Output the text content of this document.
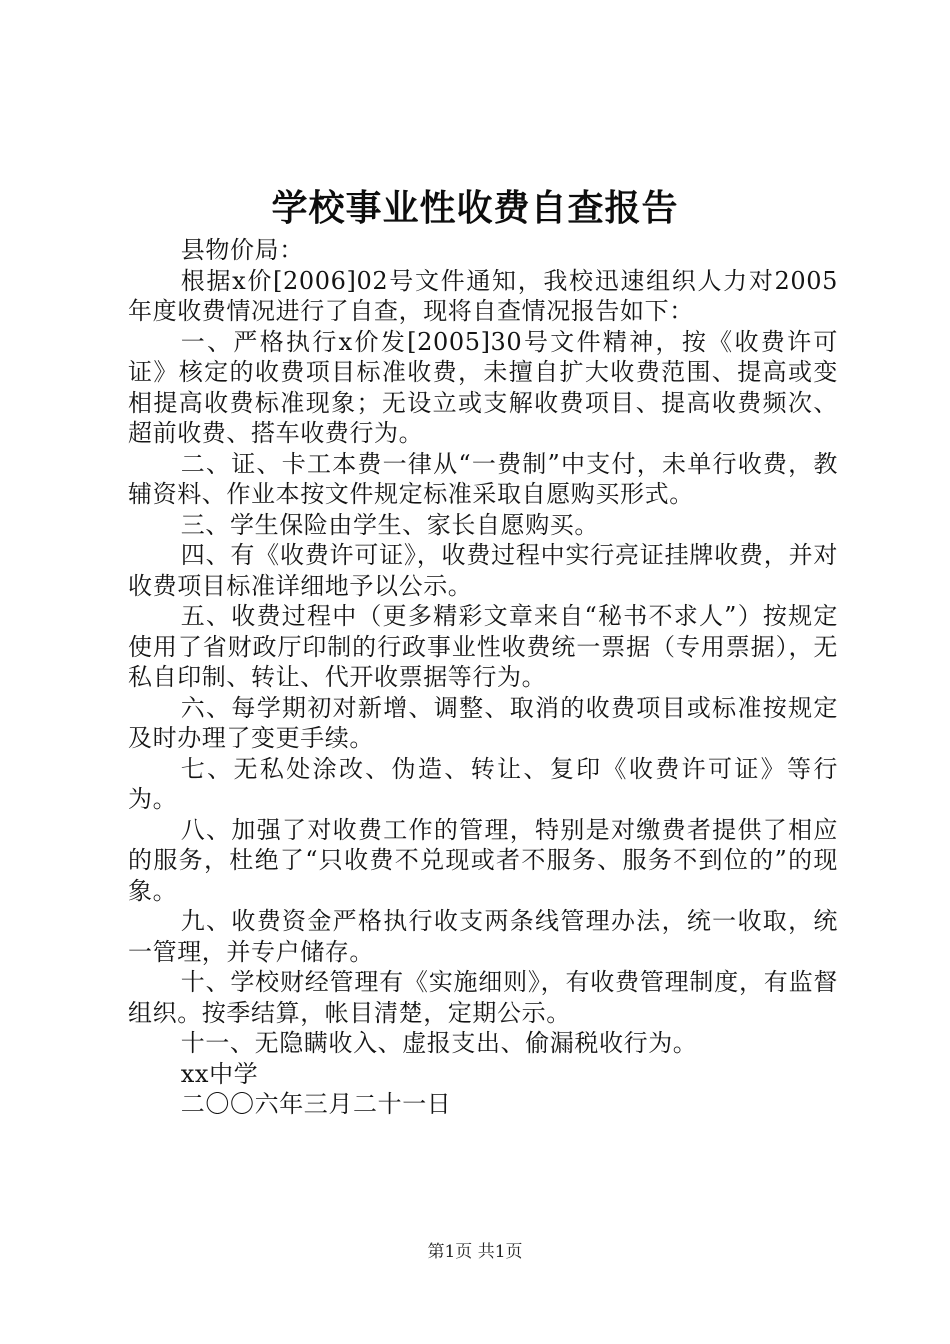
学校事业性收费自查报告

县物价局：

根据x价[2006]02号文件通知，我校迅速组织人力对2005年度收费情况进行了自查，现将自查情况报告如下：

一、严格执行x价发[2005]30号文件精神，按《收费许可证》核定的收费项目标准收费，未擅自扩大收费范围、提高或变相提高收费标准现象；无设立或支解收费项目、提高收费频次、超前收费、搭车收费行为。

二、证、卡工本费一律从“一费制”中支付，未单行收费，教辅资料、作业本按文件规定标准采取自愿购买形式。

三、学生保险由学生、家长自愿购买。

四、有《收费许可证》，收费过程中实行亮证挂牌收费，并对收费项目标准详细地予以公示。

五、收费过程中（更多精彩文章来自“秘书不求人”）按规定使用了省财政厅印制的行政事业性收费统一票据（专用票据），无私自印制、转让、代开收票据等行为。

六、每学期初对新增、调整、取消的收费项目或标准按规定及时办理了变更手续。

七、无私处涂改、伪造、转让、复印《收费许可证》等行为。

八、加强了对收费工作的管理，特别是对缴费者提供了相应的服务，杜绝了“只收费不兑现或者不服务、服务不到位的”的现象。

九、收费资金严格执行收支两条线管理办法，统一收取，统一管理，并专户储存。

十、学校财经管理有《实施细则》，有收费管理制度，有监督组织。按季结算，帐目清楚，定期公示。

十一、无隐瞒收入、虚报支出、偷漏税收行为。

xx中学

二〇〇六年三月二十一日

第1页 共1页
